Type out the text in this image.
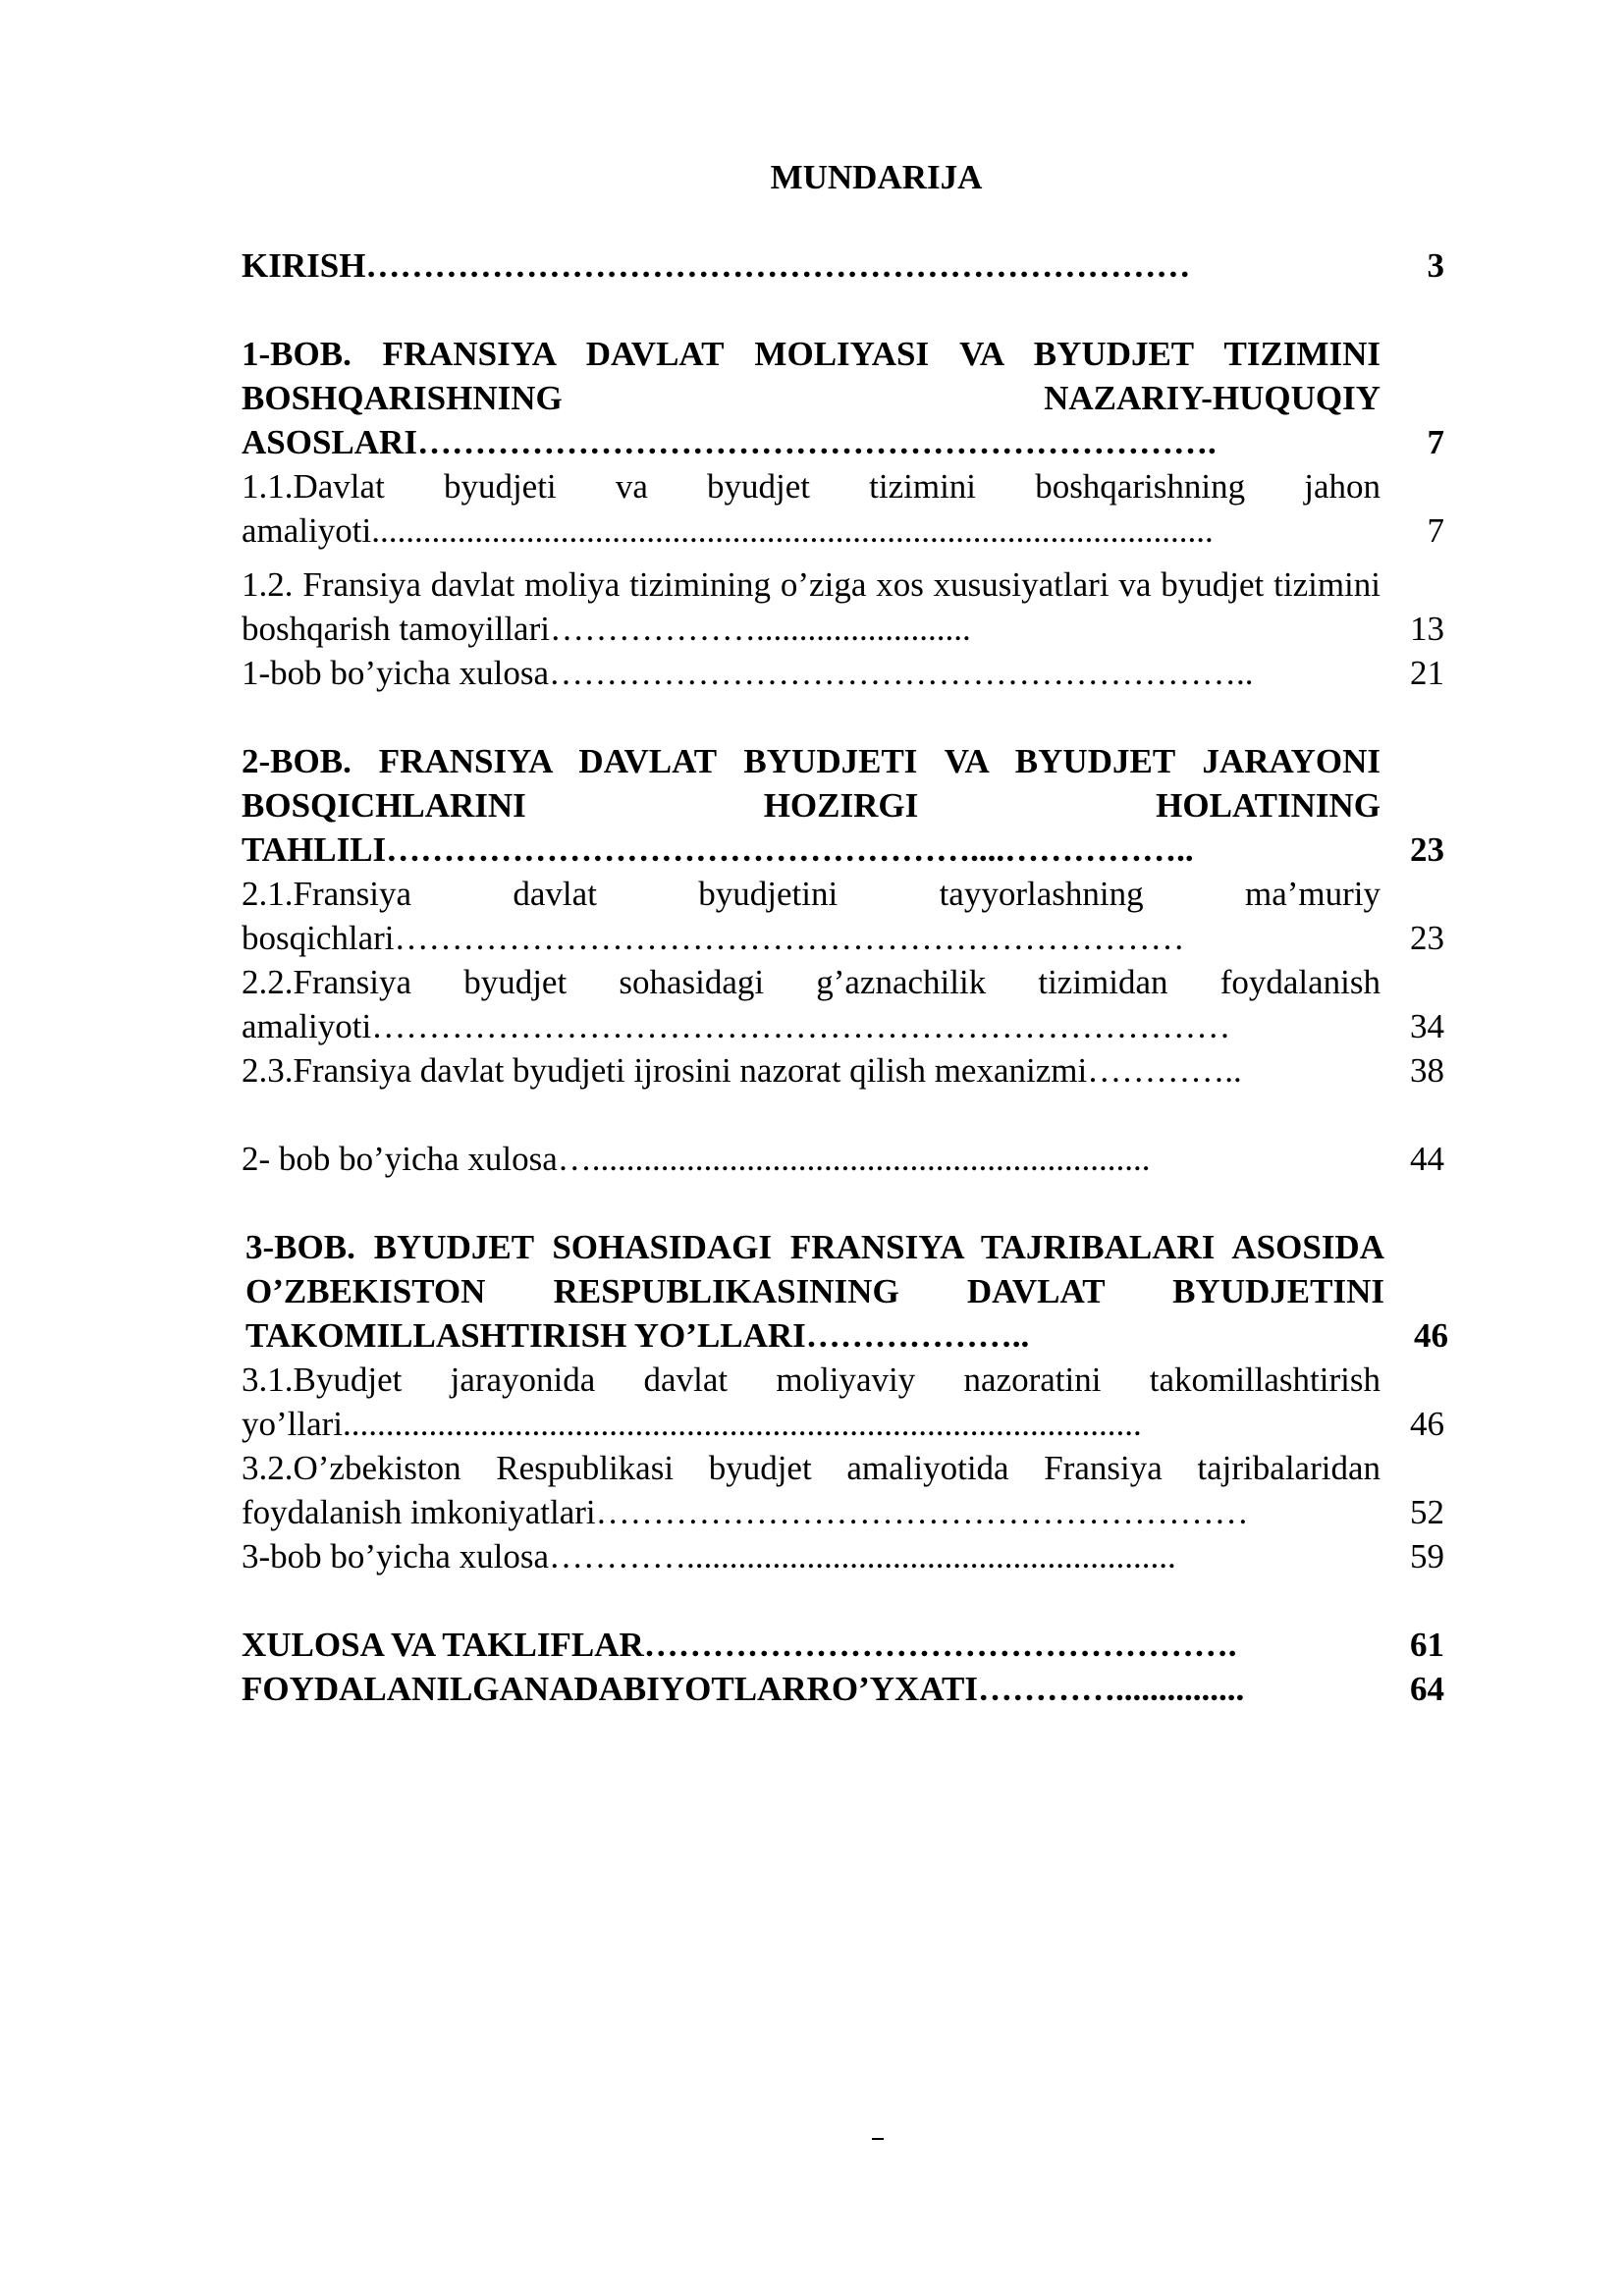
MUNDARIJA
KIRISH………………………………………………………………	3
1-BOB. FRANSIYA DAVLAT MOLIYASI VA BYUDJET TIZIMINI BOSHQARISHNING NAZARIY-HUQUQIY ASOSLARI…………………………………………………………….	7
1.1.Davlat byudjeti va byudjet tizimini boshqarishning jahon amaliyoti..................................................................................................	7
1.2. Fransiya davlat moliya tizimining o’ziga xos xususiyatlari va byudjet tizimini boshqarish tamoyillari……………….........................	13
1-bob bo’yicha xulosa……………………………………………………..	21
2-BOB. FRANSIYA DAVLAT BYUDJETI VA BYUDJET JARAYONI BOSQICHLARINI HOZIRGI HOLATINING TAHLILI……………………………………………....……………..	23
2.1.Fransiya davlat byudjetini tayyorlashning ma’muriy bosqichlari……………………………………………………………	23
2.2.Fransiya byudjet sohasidagi g’aznachilik tizimidan foydalanish amaliyoti…………………………………………………………………	34
2.3.Fransiya davlat byudjeti ijrosini nazorat qilish mexanizmi…………..	38
2- bob bo’yicha xulosa….................................................................	44
3-BOB. BYUDJET SOHASIDAGI FRANSIYA TAJRIBALARI ASOSIDA O’ZBEKISTON RESPUBLIKASINING DAVLAT BYUDJETINI TAKOMILLASHTIRISH YO’LLARI………………..	46
3.1.Byudjet jarayonida davlat moliyaviy nazoratini takomillashtirish yo’llari.............................................................................................	46
3.2.O’zbekiston Respublikasi byudjet amaliyotida Fransiya tajribalaridan foydalanish imkoniyatlari…………………………………………………	52
3-bob bo’yicha xulosa………….........................................................	59
XULOSA VA TAKLIFLAR…………………………………………….	61
FOYDALANILGANADABIYOTLARRO’YXATI…………...............	64
